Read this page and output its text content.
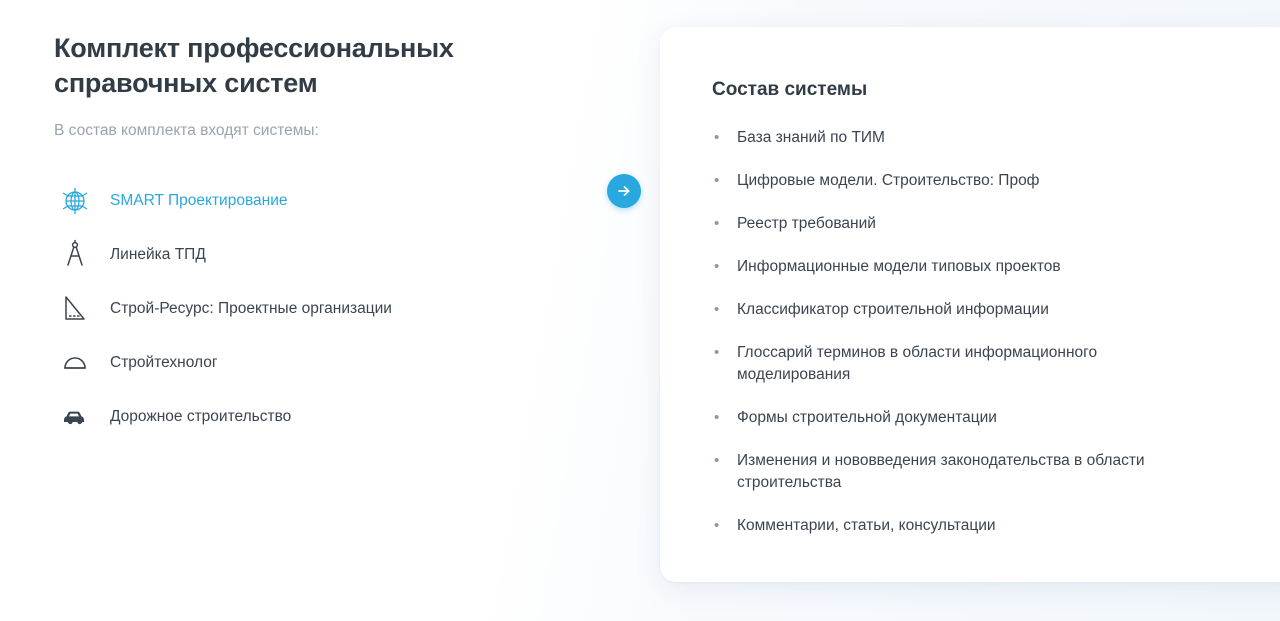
Комплект профессиональных справочных систем

В состав комплекта входят системы:

SMART Проектирование
Линейка ТПД
Строй-Ресурс: Проектные организации
Стройтехнолог
Дорожное строительство
Состав системы
• База знаний по ТИМ
• Цифровые модели. Строительство: Проф
• Реестр требований
• Информационные модели типовых проектов
• Классификатор строительной информации
• Глоссарий терминов в области информационного моделирования
• Формы строительной документации
• Изменения и нововведения законодательства в области строительства
• Комментарии, статьи, консультации
